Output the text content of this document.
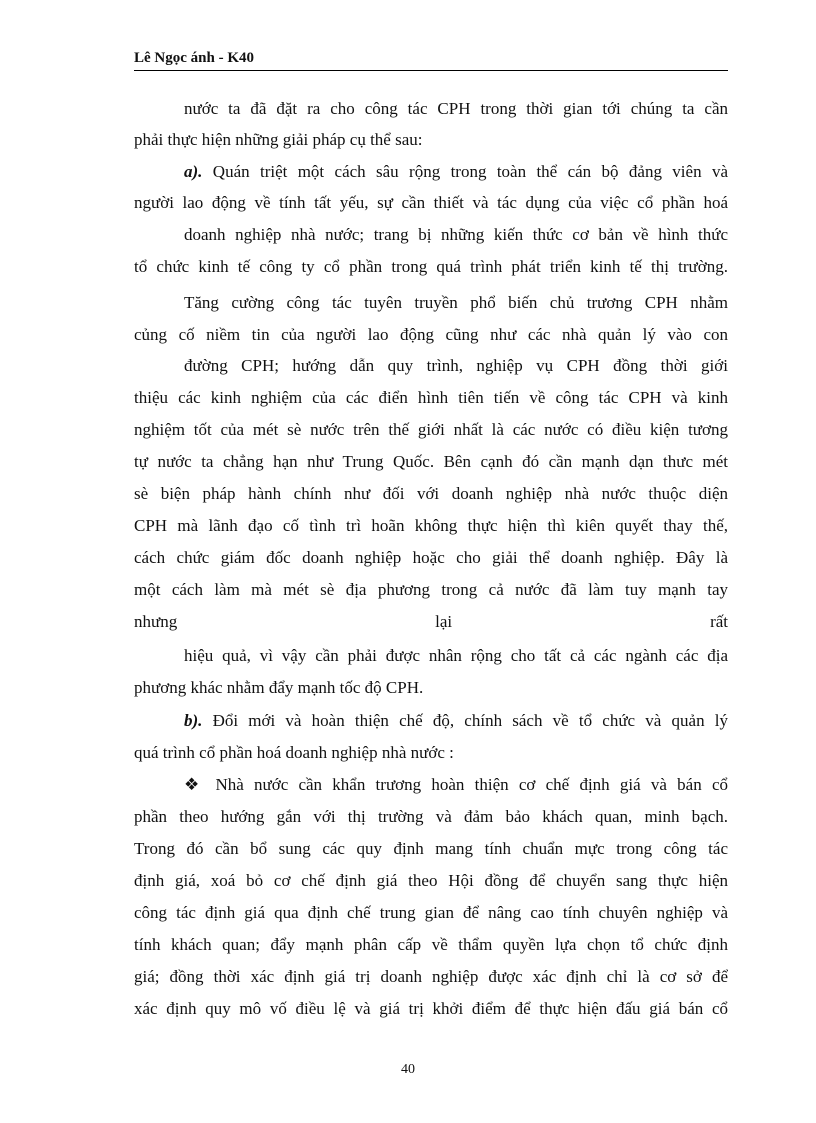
Lê Ngọc ánh - K40
nước ta đã đặt ra cho công tác CPH trong thời gian tới chúng ta cần
phải thực hiện những giải pháp cụ thể sau:
a). Quán triệt một cách sâu rộng trong toàn thể cán bộ đảng viên và
người lao động về tính tất yếu, sự cần thiết và tác dụng của việc cổ phần hoá
doanh nghiệp nhà nước; trang bị những kiến thức cơ bản về hình thức
tổ chức kinh tế công ty cổ phần trong quá trình phát triển kinh tế thị trường.
Tăng cường công tác tuyên truyền phổ biến chủ trương CPH nhằm
củng cố niềm tin của người lao động cũng như các nhà quản lý vào con
đường CPH; hướng dẫn quy trình, nghiệp vụ CPH đồng thời giới
thiệu các kinh nghiệm của các điển hình tiên tiến về công tác CPH và kinh
nghiệm tốt của mét sè nước trên thế giới nhất là các nước có điều kiện tương
tự nước ta chẳng hạn như Trung Quốc. Bên cạnh đó cần mạnh dạn thưc mét
sè biện pháp hành chính như đối với doanh nghiệp nhà nước thuộc diện
CPH mà lãnh đạo cố tình trì hoãn không thực hiện thì kiên quyết thay thế,
cách chức giám đốc doanh nghiệp hoặc cho giải thể doanh nghiệp. Đây là
một cách làm mà mét sè địa phương trong cả nước đã làm tuy mạnh tay
nhưng	lại	rất
hiệu quả, vì vậy cần phải được nhân rộng cho tất cả các ngành các địa
phương khác nhằm đẩy mạnh tốc độ CPH.
b). Đổi mới và hoàn thiện chế độ, chính sách về tổ chức và quản lý
quá trình cổ phần hoá doanh nghiệp nhà nước :
❖ Nhà nước cần khẩn trương hoàn thiện cơ chế định giá và bán cổ
phần theo hướng gắn với thị trường và đảm bảo khách quan, minh bạch.
Trong đó cần bổ sung các quy định mang tính chuẩn mực trong công tác
định giá, xoá bỏ cơ chế định giá theo Hội đồng để chuyển sang thực hiện
công tác định giá qua định chế trung gian để nâng cao tính chuyên nghiệp và
tính khách quan; đẩy mạnh phân cấp về thẩm quyền lựa chọn tổ chức định
giá; đồng thời xác định giá trị doanh nghiệp được xác định chỉ là cơ sở để
xác định quy mô vố điều lệ và giá trị khởi điểm để thực hiện đấu giá bán cổ
40
